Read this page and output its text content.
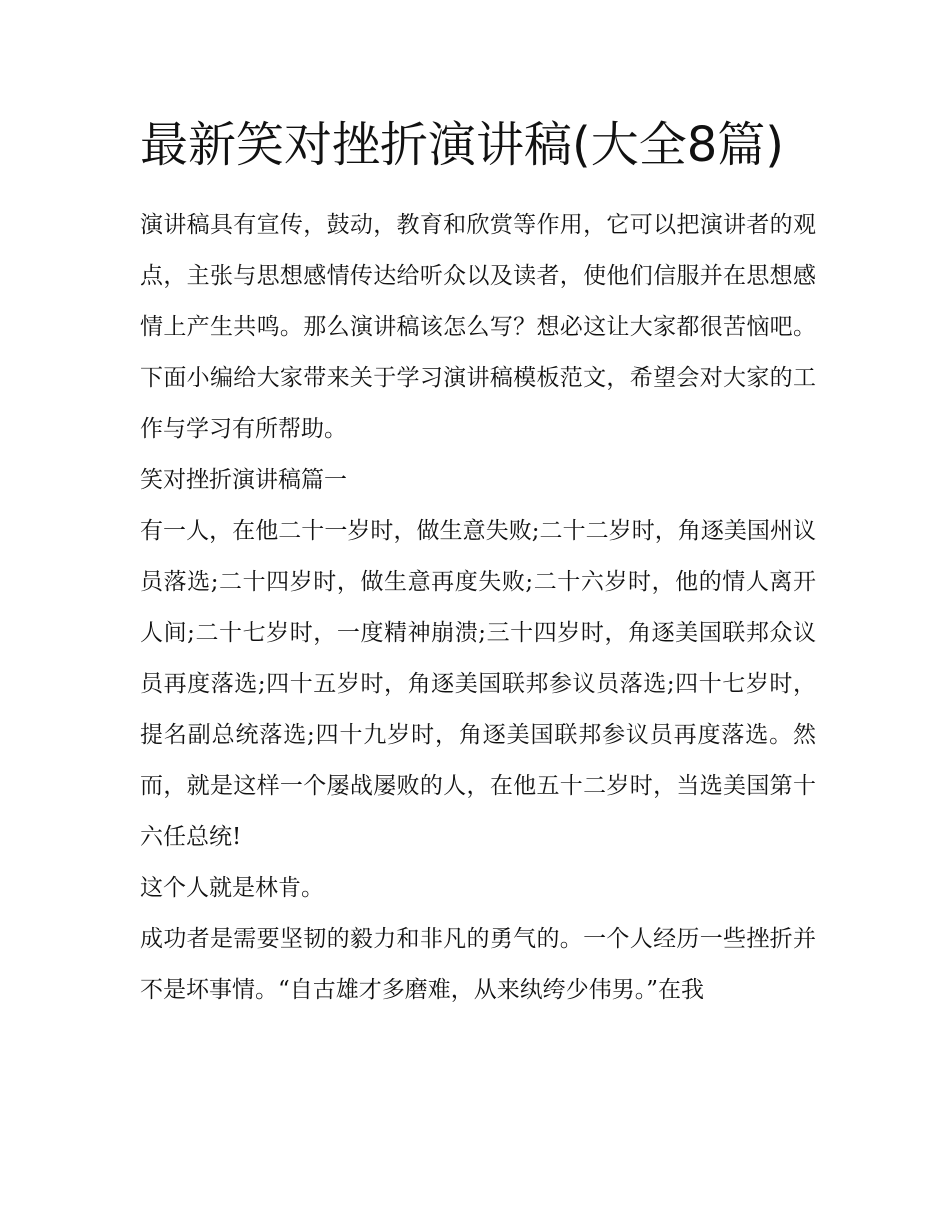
最新笑对挫折演讲稿(大全8篇)

演讲稿具有宣传，鼓动，教育和欣赏等作用，它可以把演讲者的观点，主张与思想感情传达给听众以及读者，使他们信服并在思想感情上产生共鸣。那么演讲稿该怎么写？想必这让大家都很苦恼吧。下面小编给大家带来关于学习演讲稿模板范文，希望会对大家的工作与学习有所帮助。

笑对挫折演讲稿篇一

有一人，在他二十一岁时，做生意失败;二十二岁时，角逐美国州议员落选;二十四岁时，做生意再度失败;二十六岁时，他的情人离开人间;二十七岁时，一度精神崩溃;三十四岁时，角逐美国联邦众议员再度落选;四十五岁时，角逐美国联邦参议员落选;四十七岁时，提名副总统落选;四十九岁时，角逐美国联邦参议员再度落选。然而，就是这样一个屡战屡败的人，在他五十二岁时，当选美国第十六任总统!

这个人就是林肯。

成功者是需要坚韧的毅力和非凡的勇气的。一个人经历一些挫折并不是坏事情。“自古雄才多磨难，从来纨绔少伟男。”在我
